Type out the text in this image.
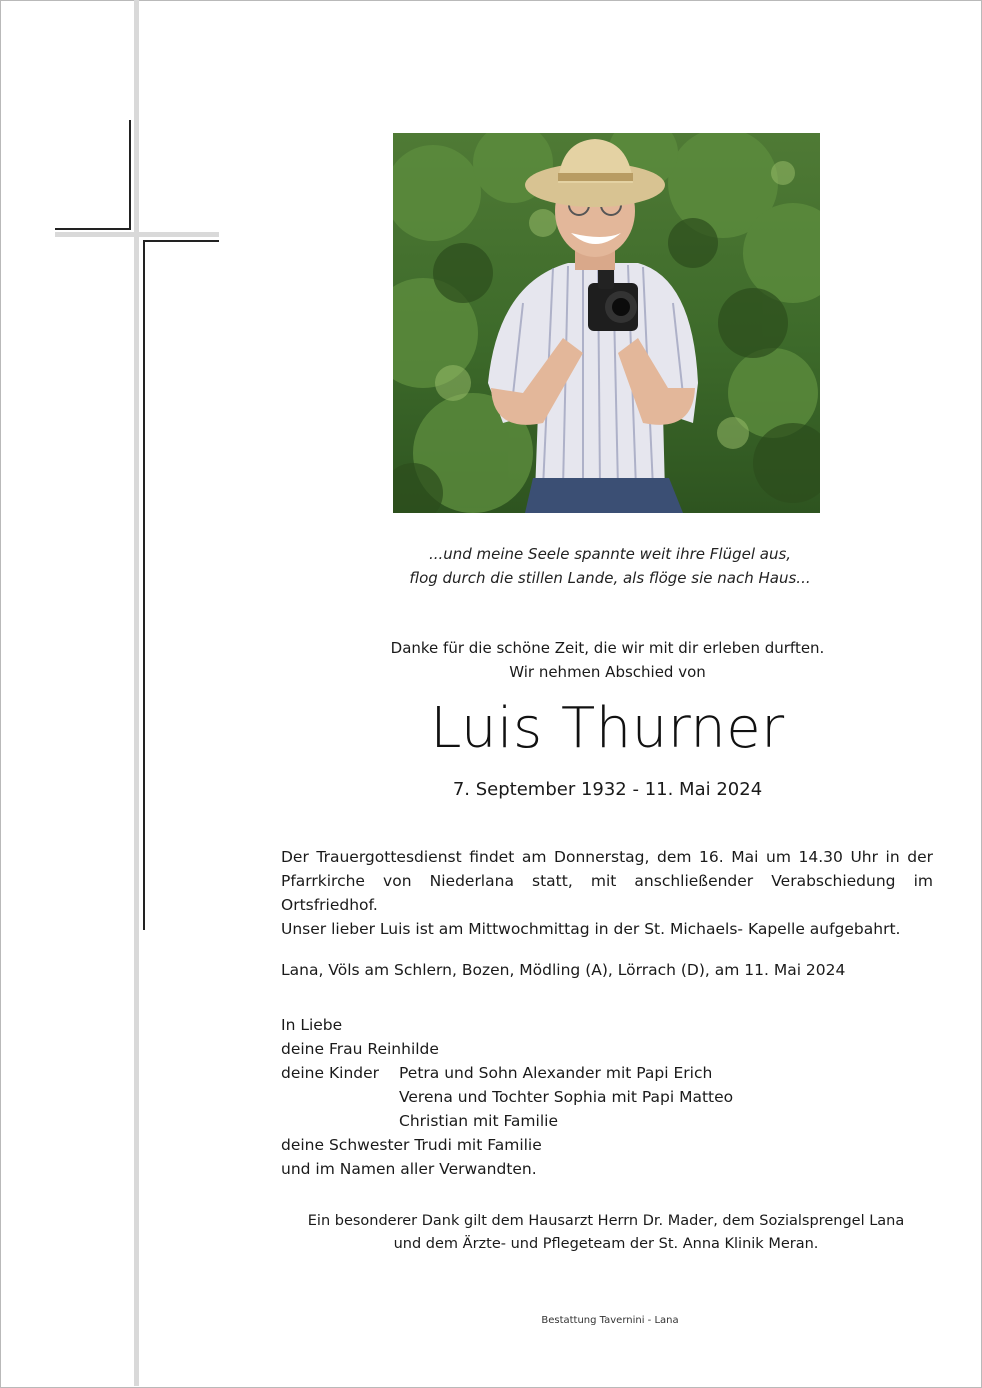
...und meine Seele spannte weit ihre Flügel aus,
flog durch die stillen Lande, als flöge sie nach Haus...
Danke für die schöne Zeit, die wir mit dir erleben durften.
Wir nehmen Abschied von
Luis Thurner
7. September 1932 - 11. Mai 2024

Der Trauergottesdienst findet am Donnerstag, dem 16. Mai um 14.30 Uhr in der Pfarrkirche von Niederlana statt, mit anschließender Verabschiedung im Ortsfriedhof.

Unser lieber Luis ist am Mittwochmittag in der St. Michaels- Kapelle aufgebahrt.

Lana, Völs am Schlern, Bozen, Mödling (A), Lörrach (D), am 11. Mai 2024
In Liebe
deine Frau Reinhilde
deine Kinder	Petra und Sohn Alexander mit Papi Erich
Verena und Tochter Sophia mit Papi Matteo
Christian mit Familie
deine Schwester Trudi mit Familie
und im Namen aller Verwandten.
Ein besonderer Dank gilt dem Hausarzt Herrn Dr. Mader, dem Sozialsprengel Lana
und dem Ärzte- und Pflegeteam der St. Anna Klinik Meran.
Bestattung Tavernini - Lana
